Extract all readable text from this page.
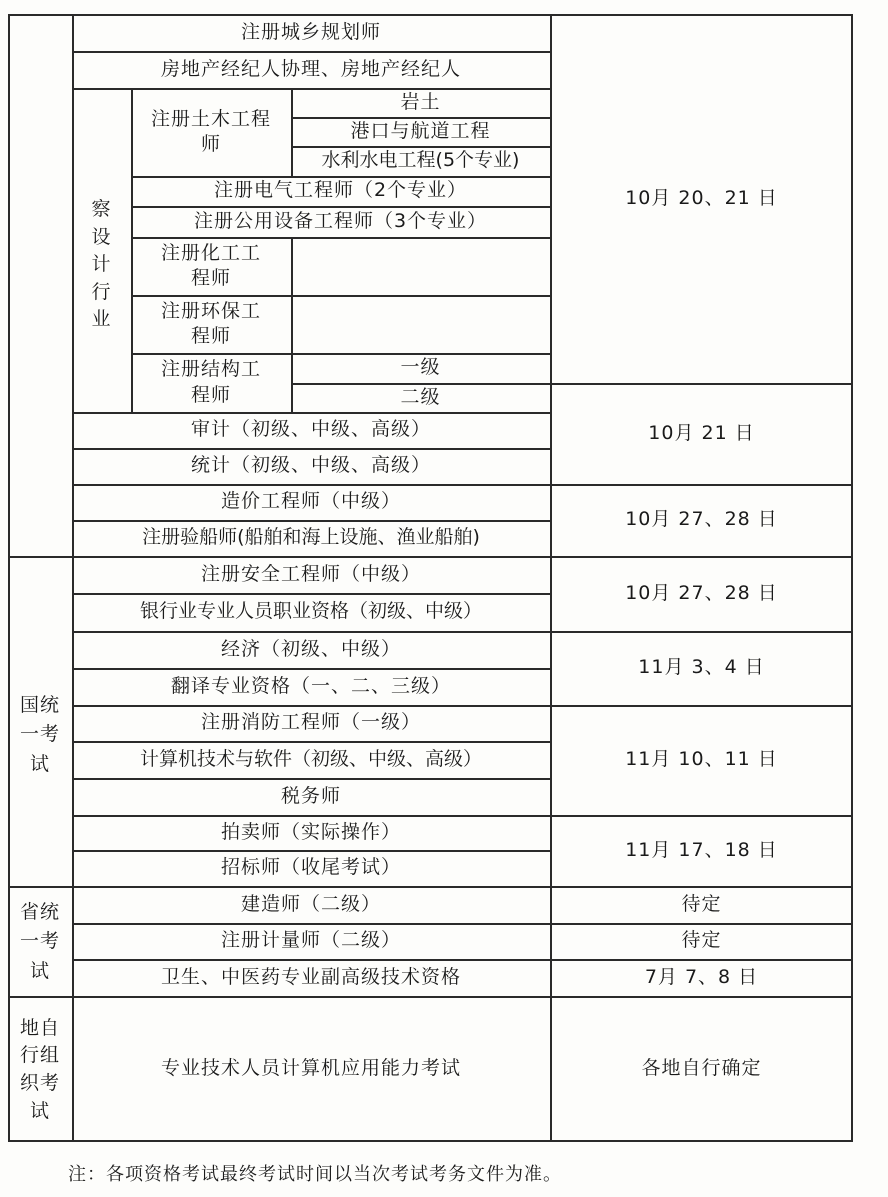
察设计行业
国统一考试
省统一考试
地自行组织考试
注册城乡规划师
房地产经纪人协理、房地产经纪人
注册土木工程师
岩土
港口与航道工程
水利水电工程(5个专业)
注册电气工程师（2个专业）
注册公用设备工程师（3个专业）
注册化工工程师
注册环保工程师
注册结构工程师
一级
二级
审计（初级、中级、高级）
统计（初级、中级、高级）
造价工程师（中级）
注册验船师(船舶和海上设施、渔业船舶)
注册安全工程师（中级）
银行业专业人员职业资格（初级、中级）
经济（初级、中级）
翻译专业资格（一、二、三级）
注册消防工程师（一级）
计算机技术与软件（初级、中级、高级）
税务师
拍卖师（实际操作）
招标师（收尾考试）
建造师（二级）
注册计量师（二级）
卫生、中医药专业副高级技术资格
专业技术人员计算机应用能力考试
10月 20、21 日
10月 21 日
10月 27、28 日
10月 27、28 日
11月 3、4 日
11月 10、11 日
11月 17、18 日
待定
待定
7月 7、8 日
各地自行确定
注：各项资格考试最终考试时间以当次考试考务文件为准。
